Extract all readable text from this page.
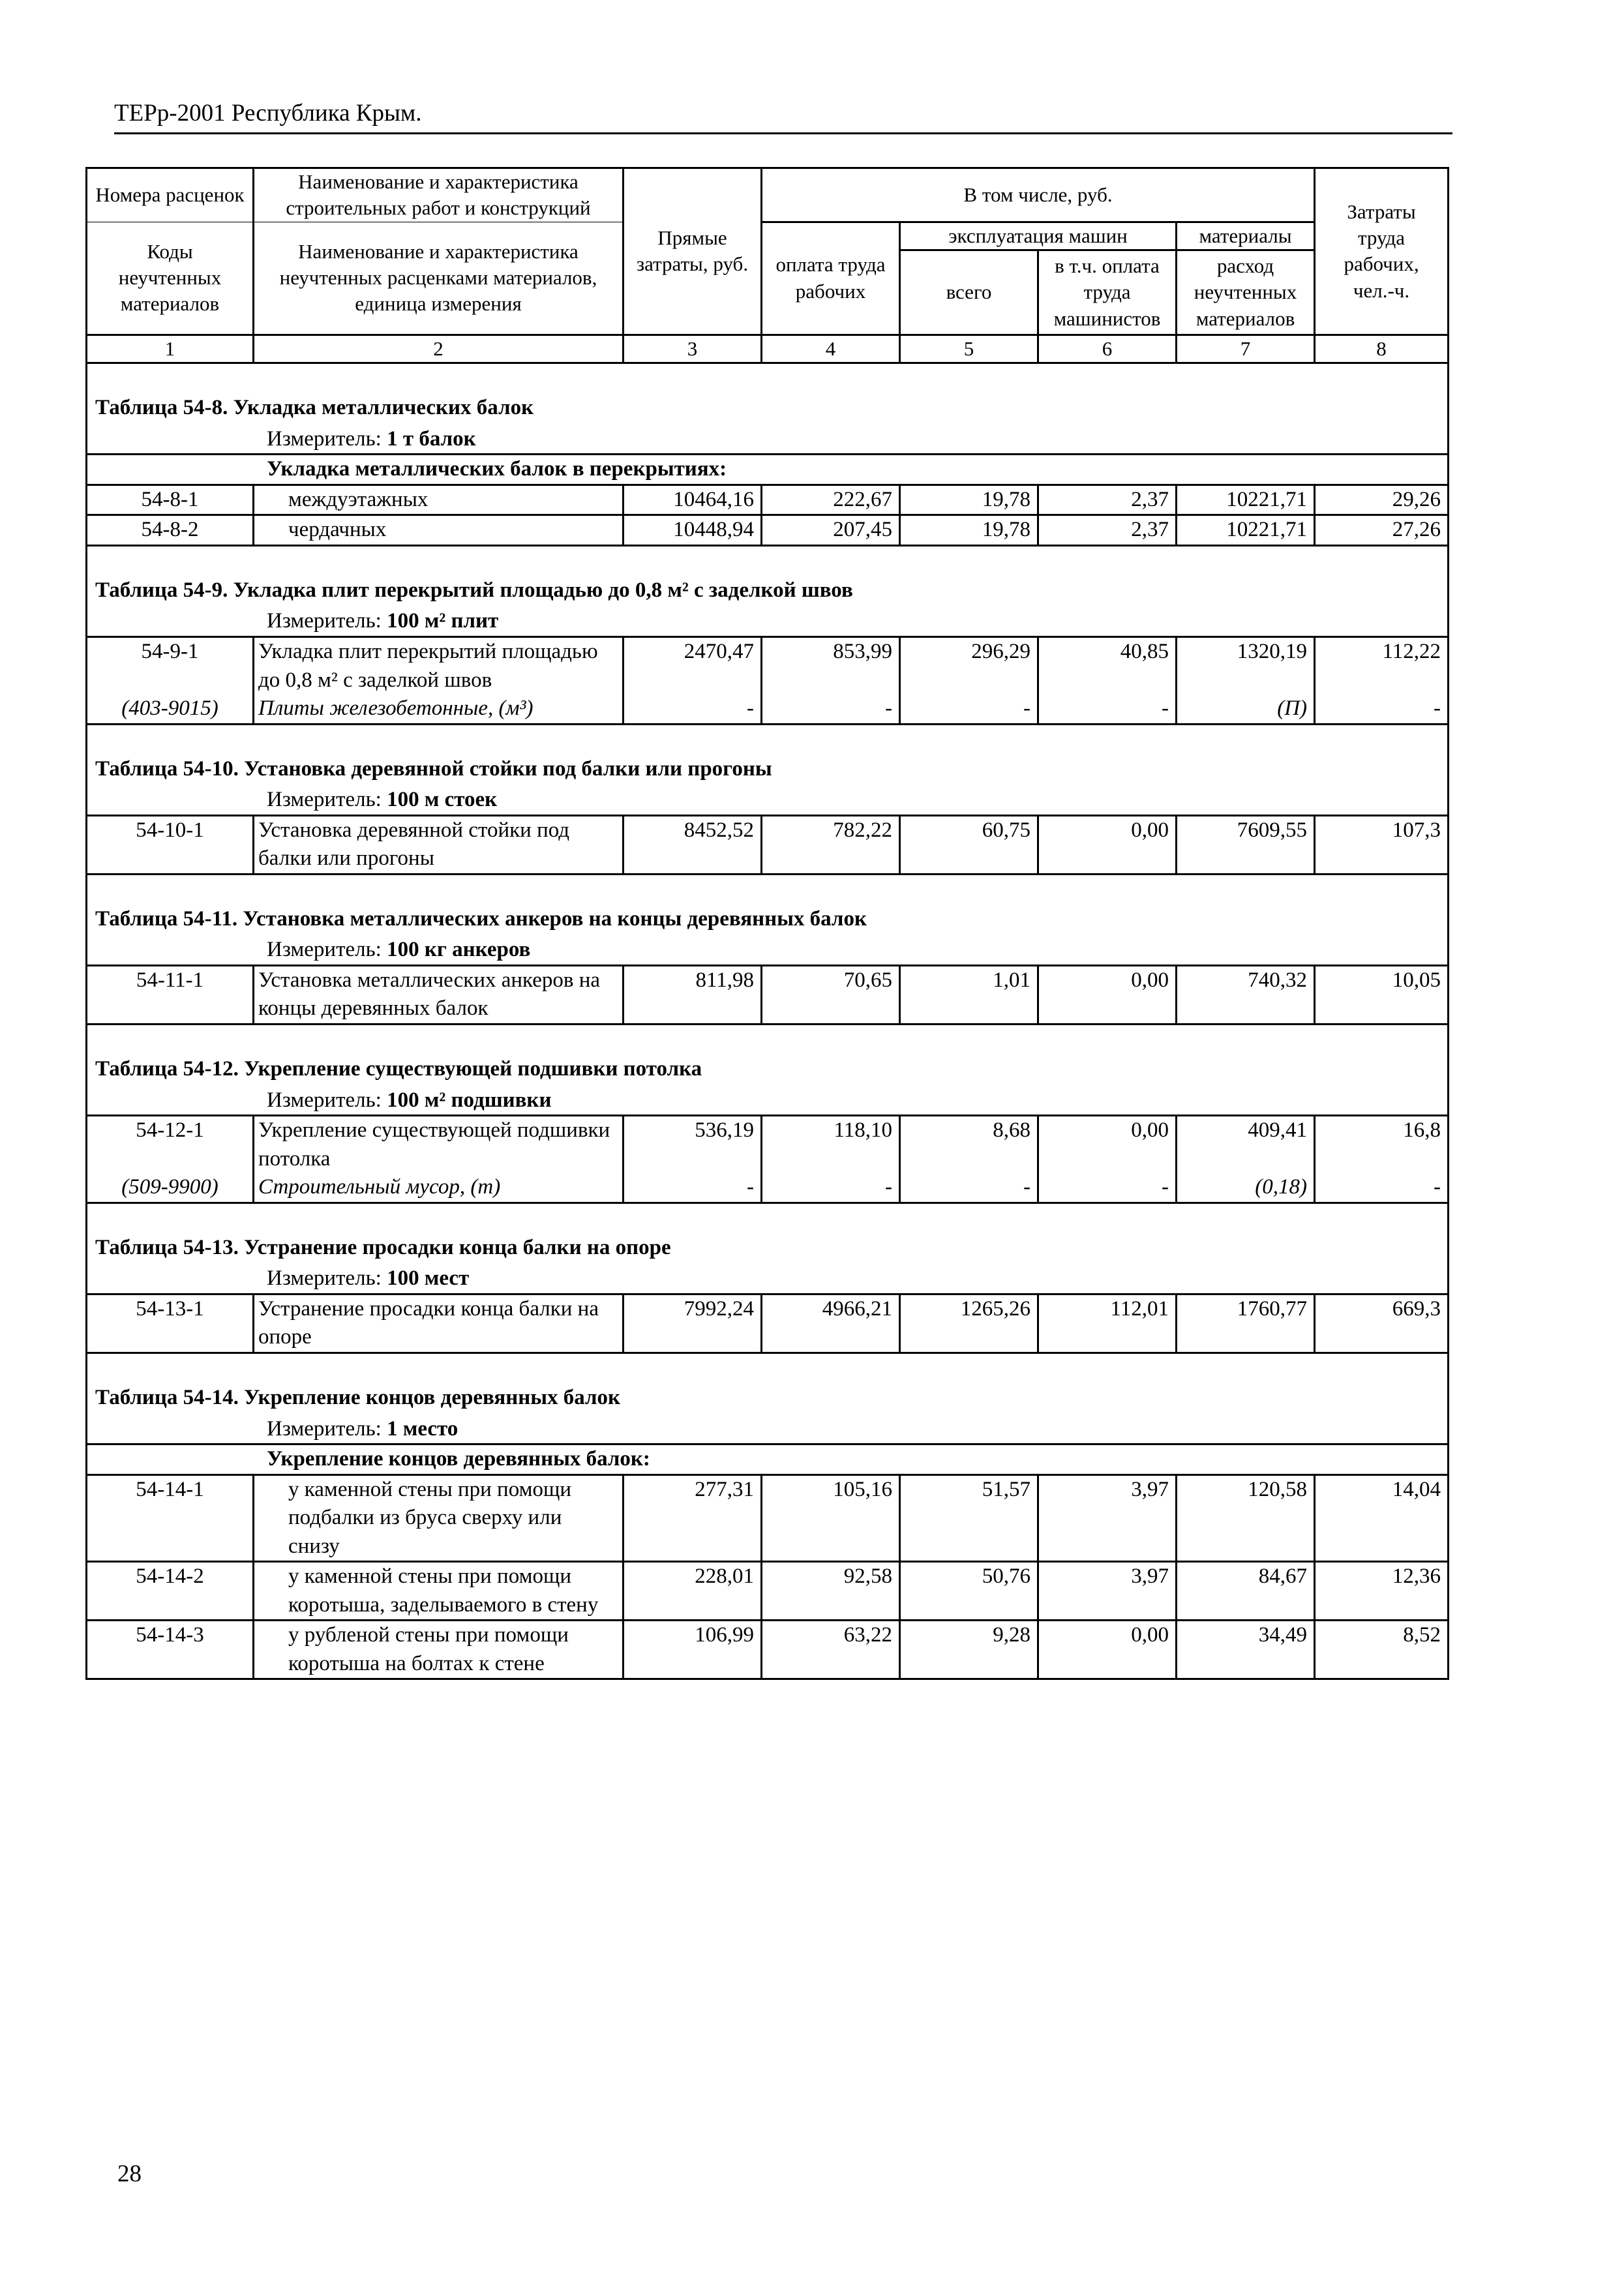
ТЕРр-2001 Республика Крым.
Номера расценок	Наименование и характеристика строительных работ и конструкций	Прямые затраты, руб.	В том числе, руб.				Затраты труда рабочих, чел.-ч.
Коды неучтенных материалов	Наименование и характеристика неучтенных расценками материалов, единица измерения		оплата труда рабочих	эксплуатация машин		материалы	
				всего	в т.ч. оплата труда машинистов	расход неучтенных материалов	

1	2	3	4	5	6	7	8
Таблица 54-8. Укладка металлических балок							
Измеритель: 1 т балок							
Укладка металлических балок в перекрытиях:							
54-8-1	междуэтажных	10464,16	222,67	19,78	2,37	10221,71	29,26
54-8-2	чердачных	10448,94	207,45	19,78	2,37	10221,71	27,26
Таблица 54-9. Укладка плит перекрытий площадью до 0,8 м² с заделкой швов							
Измеритель: 100 м² плит							
54-9-1	Укладка плит перекрытий площадью до 0,8 м² с заделкой швов	2470,47	853,99	296,29	40,85	1320,19	112,22
(403-9015)	Плиты железобетонные, (м³)	-	-	-	-	(П)	-
Таблица 54-10. Установка деревянной стойки под балки или прогоны							
Измеритель: 100 м стоек							
54-10-1	Установка деревянной стойки под балки или прогоны	8452,52	782,22	60,75	0,00	7609,55	107,3
Таблица 54-11. Установка металлических анкеров на концы деревянных балок							
Измеритель: 100 кг анкеров							
54-11-1	Установка металлических анкеров на концы деревянных балок	811,98	70,65	1,01	0,00	740,32	10,05
Таблица 54-12. Укрепление существующей подшивки потолка							
Измеритель: 100 м² подшивки							
54-12-1	Укрепление существующей подшивки потолка	536,19	118,10	8,68	0,00	409,41	16,8
(509-9900)	Строительный мусор, (т)	-	-	-	-	(0,18)	-
Таблица 54-13. Устранение просадки конца балки на опоре							
Измеритель: 100 мест							
54-13-1	Устранение просадки конца балки на опоре	7992,24	4966,21	1265,26	112,01	1760,77	669,3
Таблица 54-14. Укрепление концов деревянных балок							
Измеритель: 1 место							
Укрепление концов деревянных балок:							
54-14-1	у каменной стены при помощи подбалки из бруса сверху или снизу	277,31	105,16	51,57	3,97	120,58	14,04
54-14-2	у каменной стены при помощи коротыша, заделываемого в стену	228,01	92,58	50,76	3,97	84,67	12,36
54-14-3	у рубленой стены при помощи коротыша на болтах к стене	106,99	63,22	9,28	0,00	34,49	8,52
28
